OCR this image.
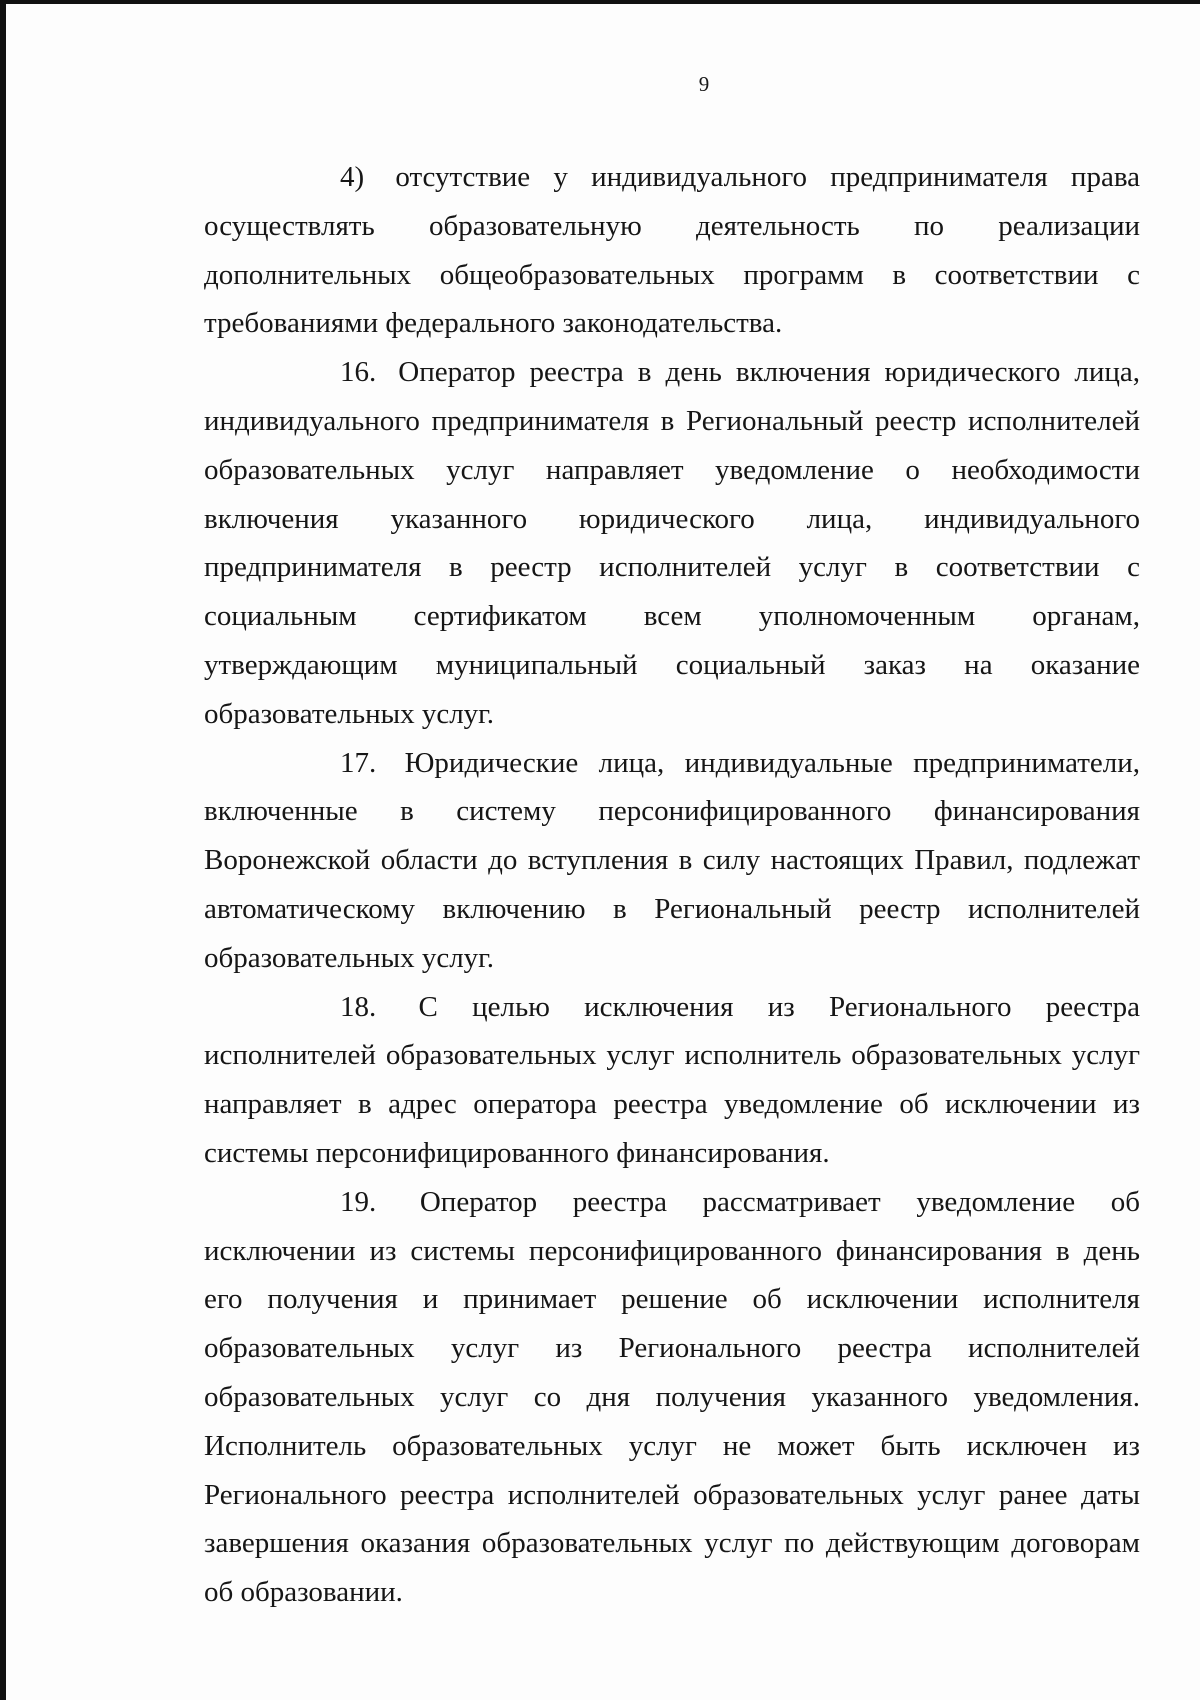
9

4) отсутствие у индивидуального предпринимателя права осуществлять образовательную деятельность по реализации дополнительных общеобразовательных программ в соответствии с требованиями федерального законодательства.

16. Оператор реестра в день включения юридического лица, индивидуального предпринимателя в Региональный реестр исполнителей образовательных услуг направляет уведомление о необходимости включения указанного юридического лица, индивидуального предпринимателя в реестр исполнителей услуг в соответствии с социальным сертификатом всем уполномоченным органам, утверждающим муниципальный социальный заказ на оказание образовательных услуг.

17. Юридические лица, индивидуальные предприниматели, включенные в систему персонифицированного финансирования Воронежской области до вступления в силу настоящих Правил, подлежат автоматическому включению в Региональный реестр исполнителей образовательных услуг.

18. С целью исключения из Регионального реестра исполнителей образовательных услуг исполнитель образовательных услуг направляет в адрес оператора реестра уведомление об исключении из системы персонифицированного финансирования.

19. Оператор реестра рассматривает уведомление об исключении из системы персонифицированного финансирования в день его получения и принимает решение об исключении исполнителя образовательных услуг из Регионального реестра исполнителей образовательных услуг со дня получения указанного уведомления. Исполнитель образовательных услуг не может быть исключен из Регионального реестра исполнителей образовательных услуг ранее даты завершения оказания образовательных услуг по действующим договорам об образовании.
